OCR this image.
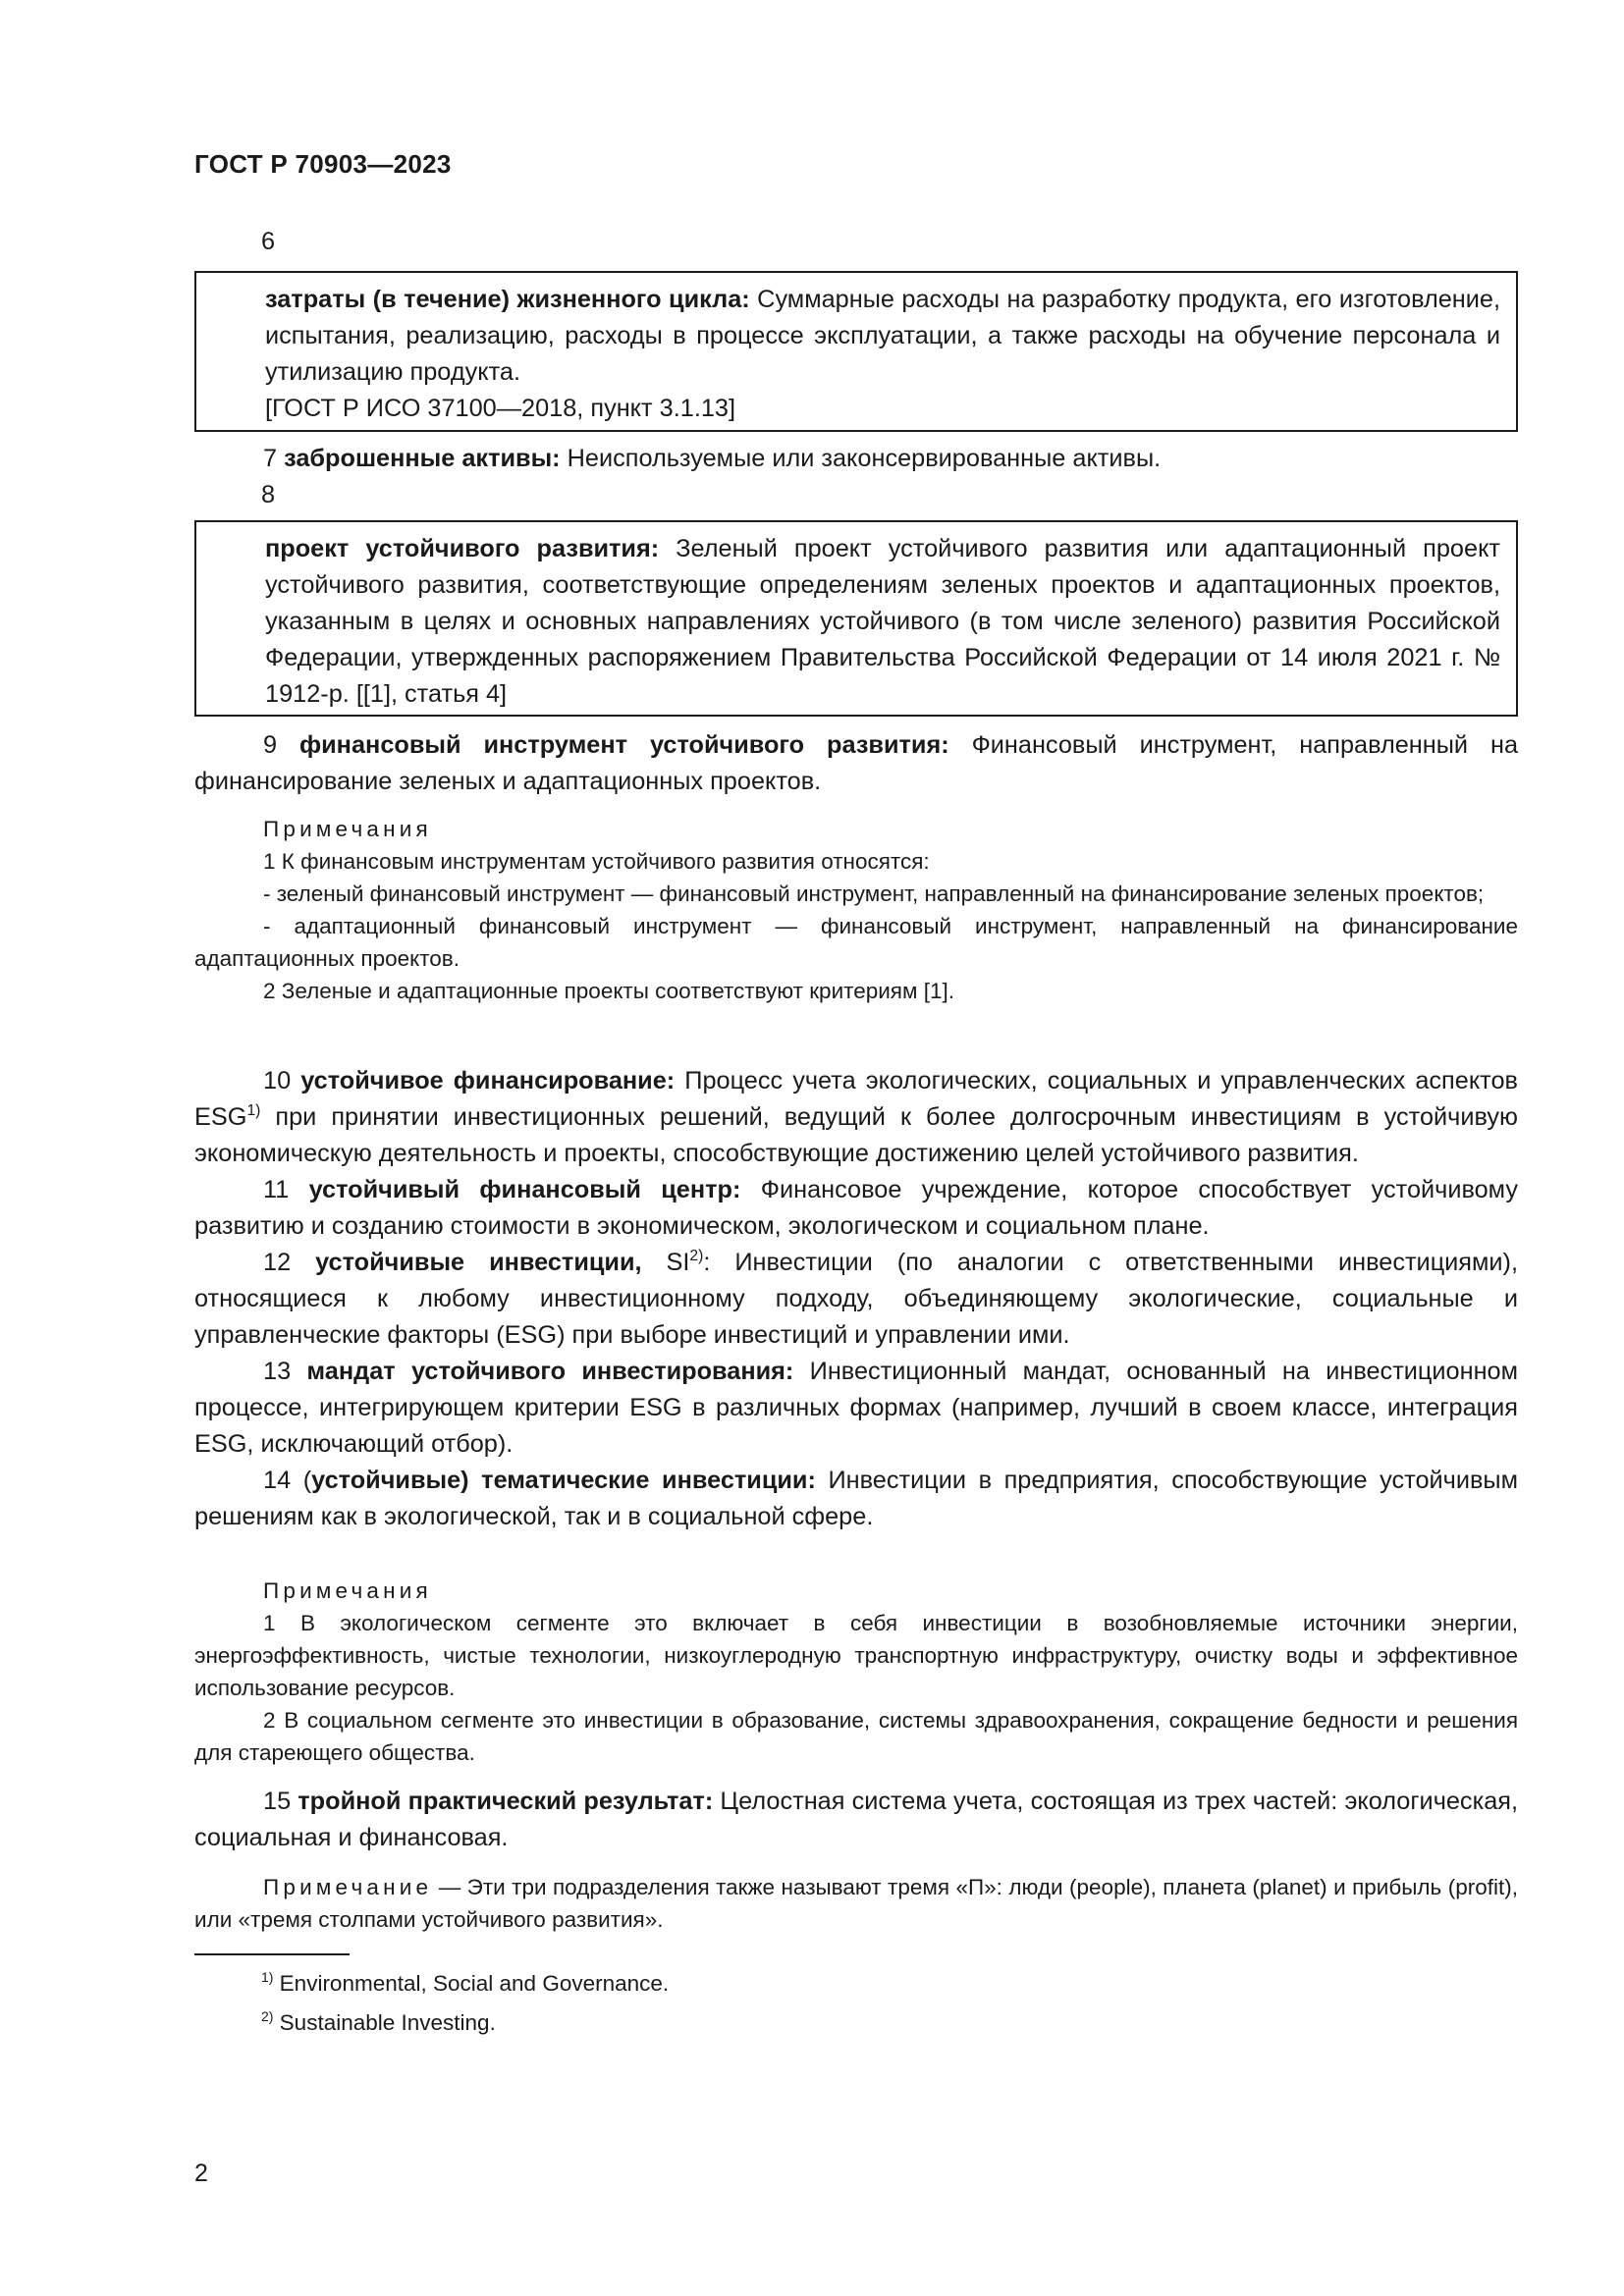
ГОСТ Р 70903—2023
6

затраты (в течение) жизненного цикла: Суммарные расходы на разработку продукта, его изготовление, испытания, реализацию, расходы в процессе эксплуатации, а также расходы на обучение персонала и утилизацию продукта.

[ГОСТ Р ИСО 37100—2018, пункт 3.1.13]

7 заброшенные активы: Неиспользуемые или законсервированные активы.

8

проект устойчивого развития: Зеленый проект устойчивого развития или адаптационный проект устойчивого развития, соответствующие определениям зеленых проектов и адаптационных проектов, указанным в целях и основных направлениях устойчивого (в том числе зеленого) развития Российской Федерации, утвержденных распоряжением Правительства Российской Федерации от 14 июля 2021 г. № 1912-р. [[1], статья 4]

9 финансовый инструмент устойчивого развития: Финансовый инструмент, направленный на финансирование зеленых и адаптационных проектов.

Примечания

1 К финансовым инструментам устойчивого развития относятся:

- зеленый финансовый инструмент — финансовый инструмент, направленный на финансирование зеленых проектов;

- адаптационный финансовый инструмент — финансовый инструмент, направленный на финансирование адаптационных проектов.

2 Зеленые и адаптационные проекты соответствуют критериям [1].

10 устойчивое финансирование: Процесс учета экологических, социальных и управленческих аспектов ESG$^{1)}$ при принятии инвестиционных решений, ведущий к более долгосрочным инвестициям в устойчивую экономическую деятельность и проекты, способствующие достижению целей устойчивого развития.

11 устойчивый финансовый центр: Финансовое учреждение, которое способствует устойчивому развитию и созданию стоимости в экономическом, экологическом и социальном плане.

12 устойчивые инвестиции, SI$^{2)}$: Инвестиции (по аналогии с ответственными инвестициями), относящиеся к любому инвестиционному подходу, объединяющему экологические, социальные и управленческие факторы (ESG) при выборе инвестиций и управлении ими.

13 мандат устойчивого инвестирования: Инвестиционный мандат, основанный на инвестиционном процессе, интегрирующем критерии ESG в различных формах (например, лучший в своем классе, интеграция ESG, исключающий отбор).

14 (устойчивые) тематические инвестиции: Инвестиции в предприятия, способствующие устойчивым решениям как в экологической, так и в социальной сфере.

Примечания

1 В экологическом сегменте это включает в себя инвестиции в возобновляемые источники энергии, энергоэффективность, чистые технологии, низкоуглеродную транспортную инфраструктуру, очистку воды и эффективное использование ресурсов.

2 В социальном сегменте это инвестиции в образование, системы здравоохранения, сокращение бедности и решения для стареющего общества.

15 тройной практический результат: Целостная система учета, состоящая из трех частей: экологическая, социальная и финансовая.

Примечание — Эти три подразделения также называют тремя «П»: люди (people), планета (planet) и прибыль (profit), или «тремя столпами устойчивого развития».

$^{1)}$ Environmental, Social and Governance.
$^{2)}$ Sustainable Investing.
2
